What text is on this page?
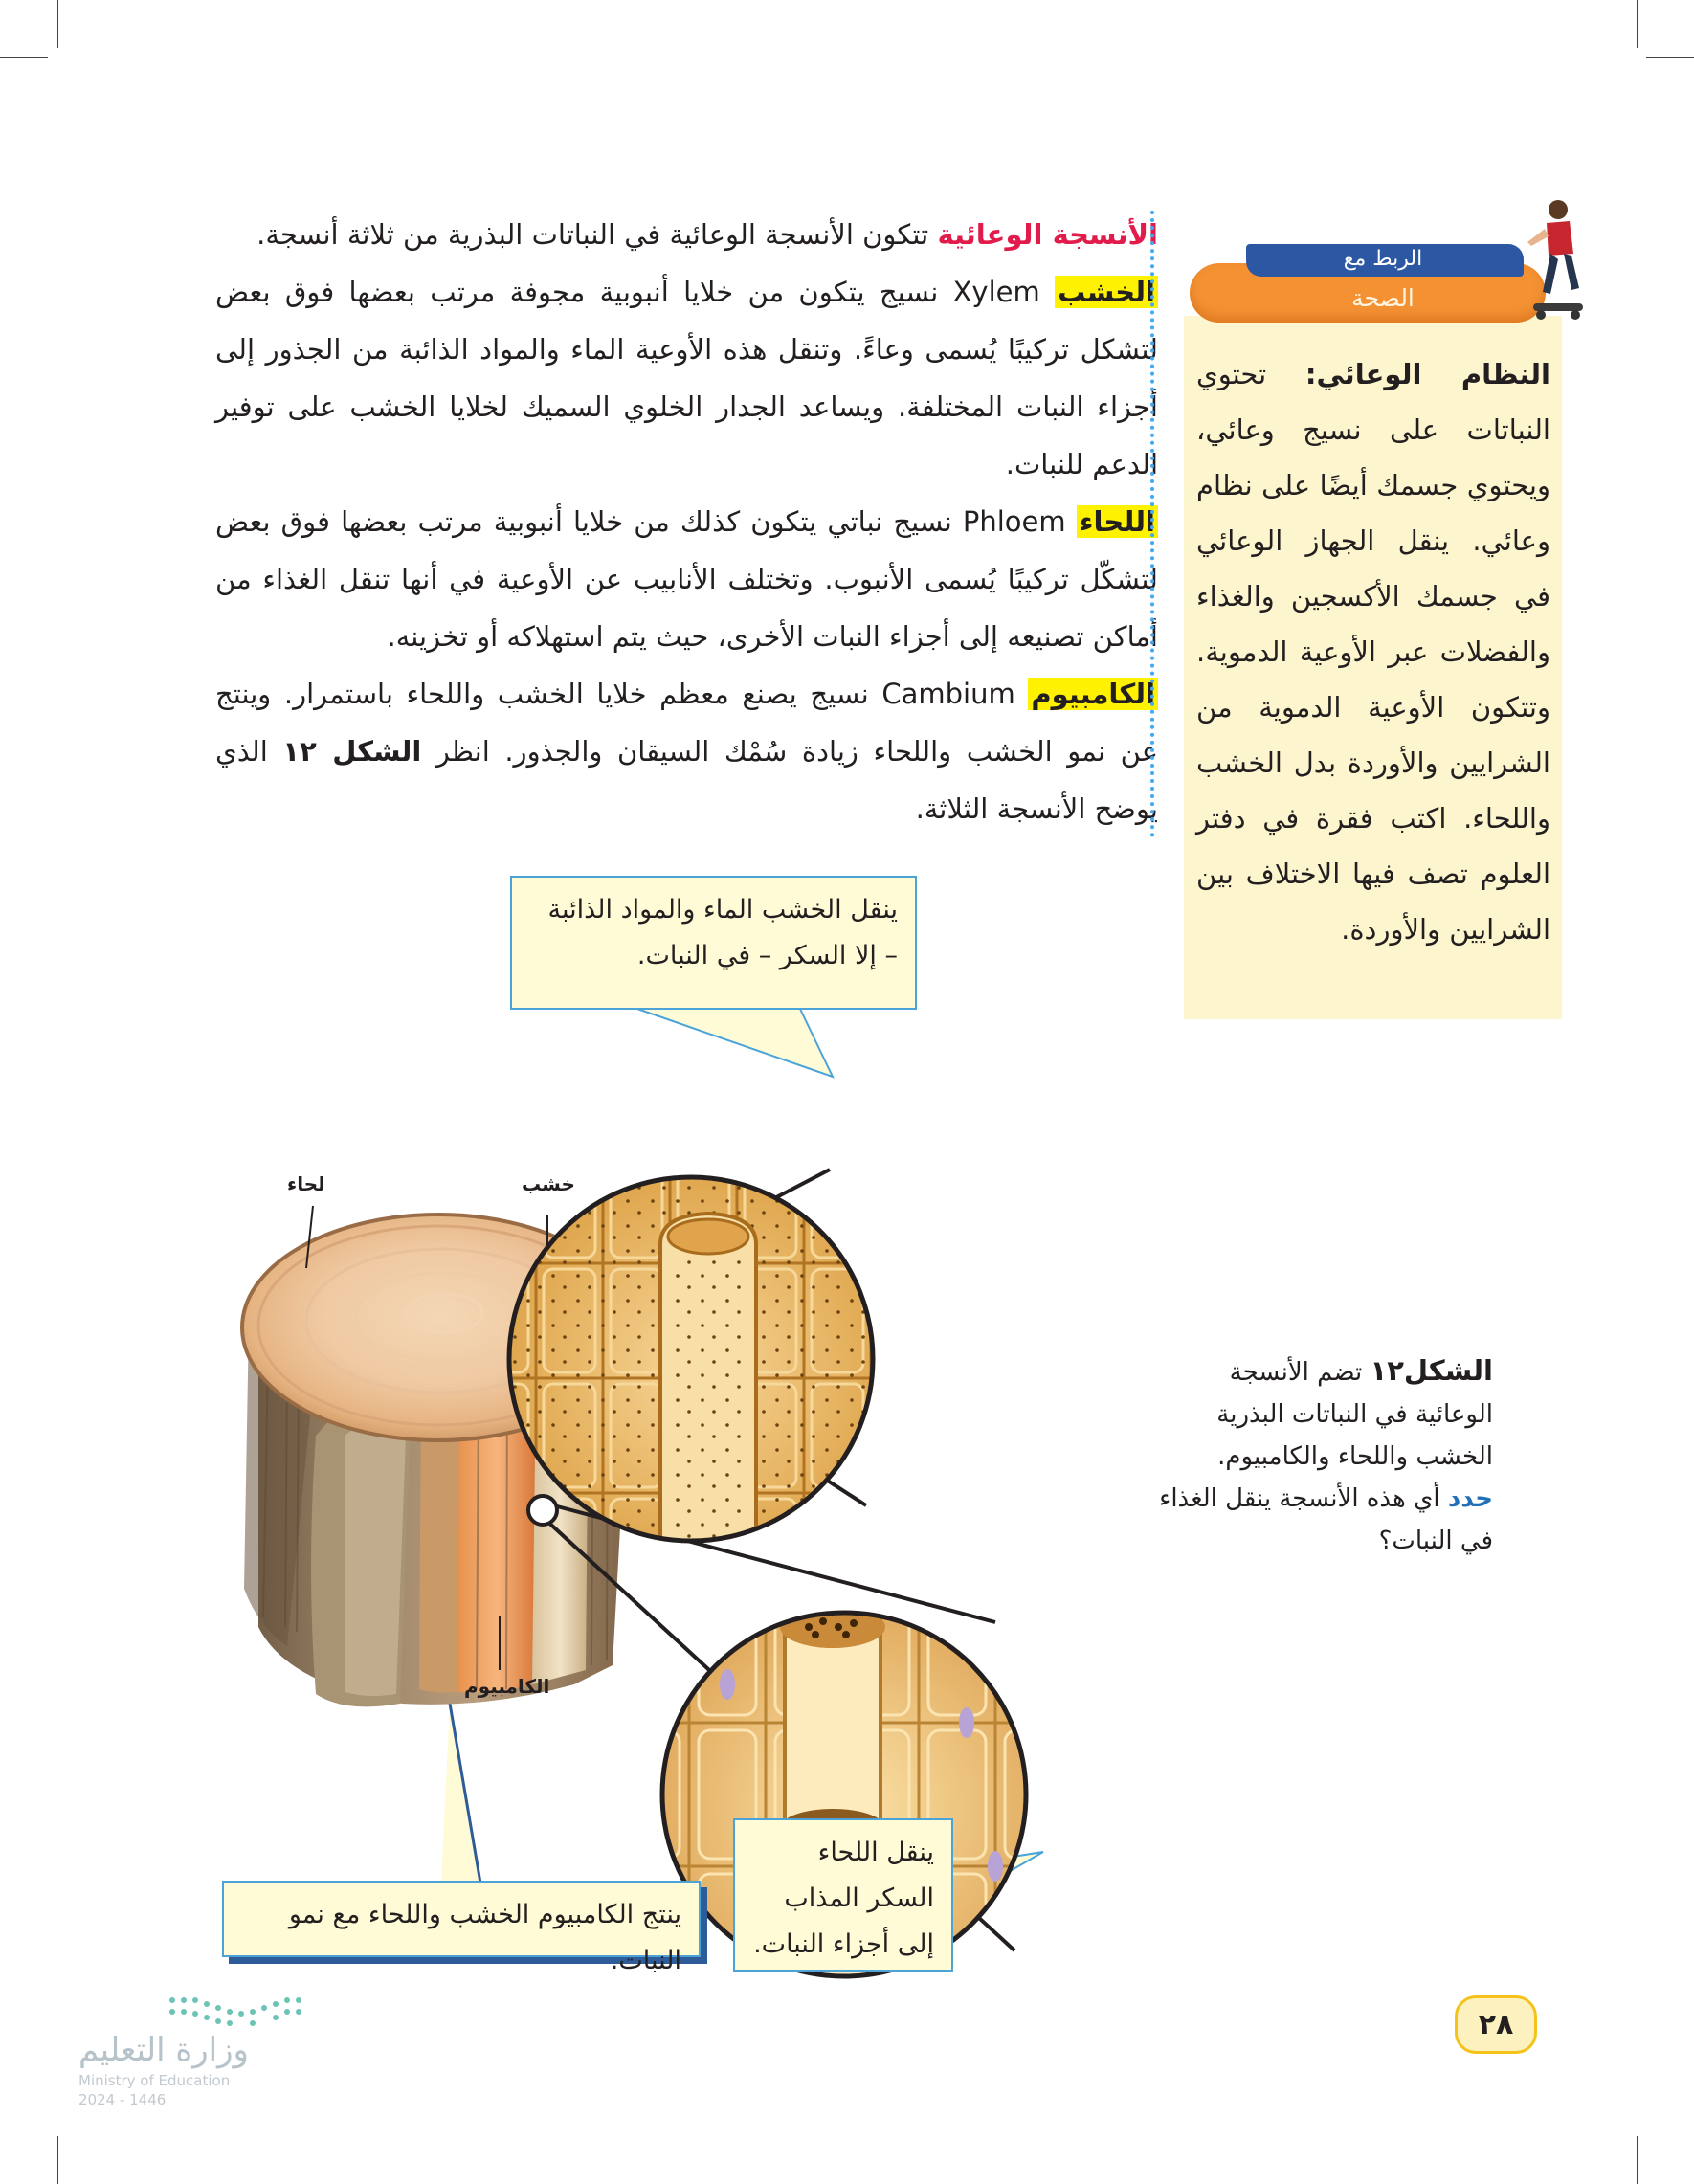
الأنسجة الوعائية تتكون الأنسجة الوعائية في النباتات البذرية من ثلاثة أنسجة.

الخشب Xylem نسيج يتكون من خلايا أنبوبية مجوفة مرتب بعضها فوق بعض لتشكل تركيبًا يُسمى وعاءً. وتنقل هذه الأوعية الماء والمواد الذائبة من الجذور إلى أجزاء النبات المختلفة. ويساعد الجدار الخلوي السميك لخلايا الخشب على توفير الدعم للنبات.

اللحاء Phloem نسيج نباتي يتكون كذلك من خلايا أنبوبية مرتب بعضها فوق بعض لتشكّل تركيبًا يُسمى الأنبوب. وتختلف الأنابيب عن الأوعية في أنها تنقل الغذاء من أماكن تصنيعه إلى أجزاء النبات الأخرى، حيث يتم استهلاكه أو تخزينه.

الكامبيوم Cambium نسيج يصنع معظم خلايا الخشب واللحاء باستمرار. وينتج عن نمو الخشب واللحاء زيادة سُمْك السيقان والجذور. انظر الشكل ١٢ الذي يوضح الأنسجة الثلاثة.

الربط مع
الصحة
النظام الوعائي: تحتوي النباتات على نسيج وعائي، ويحتوي جسمك أيضًا على نظام وعائي. ينقل الجهاز الوعائي في جسمك الأكسجين والغذاء والفضلات عبر الأوعية الدموية. وتتكون الأوعية الدموية من الشرايين والأوردة بدل الخشب واللحاء. اكتب فقرة في دفتر العلوم تصف فيها الاختلاف بين الشرايين والأوردة.
لحاء	خشب
الكامبيوم
ينقل الخشب الماء والمواد الذائبة – إلا السكر – في النبات.
ينتج الكامبيوم الخشب واللحاء مع نمو النبات.
ينقل اللحاء السكر المذاب إلى أجزاء النبات.
الشكل١٢ تضم الأنسجة الوعائية في النباتات البذرية الخشب واللحاء والكامبيوم.
حدد أي هذه الأنسجة ينقل الغذاء في النبات؟
٢٨
وزارة التعليم
Ministry of Education
2024 - 1446
